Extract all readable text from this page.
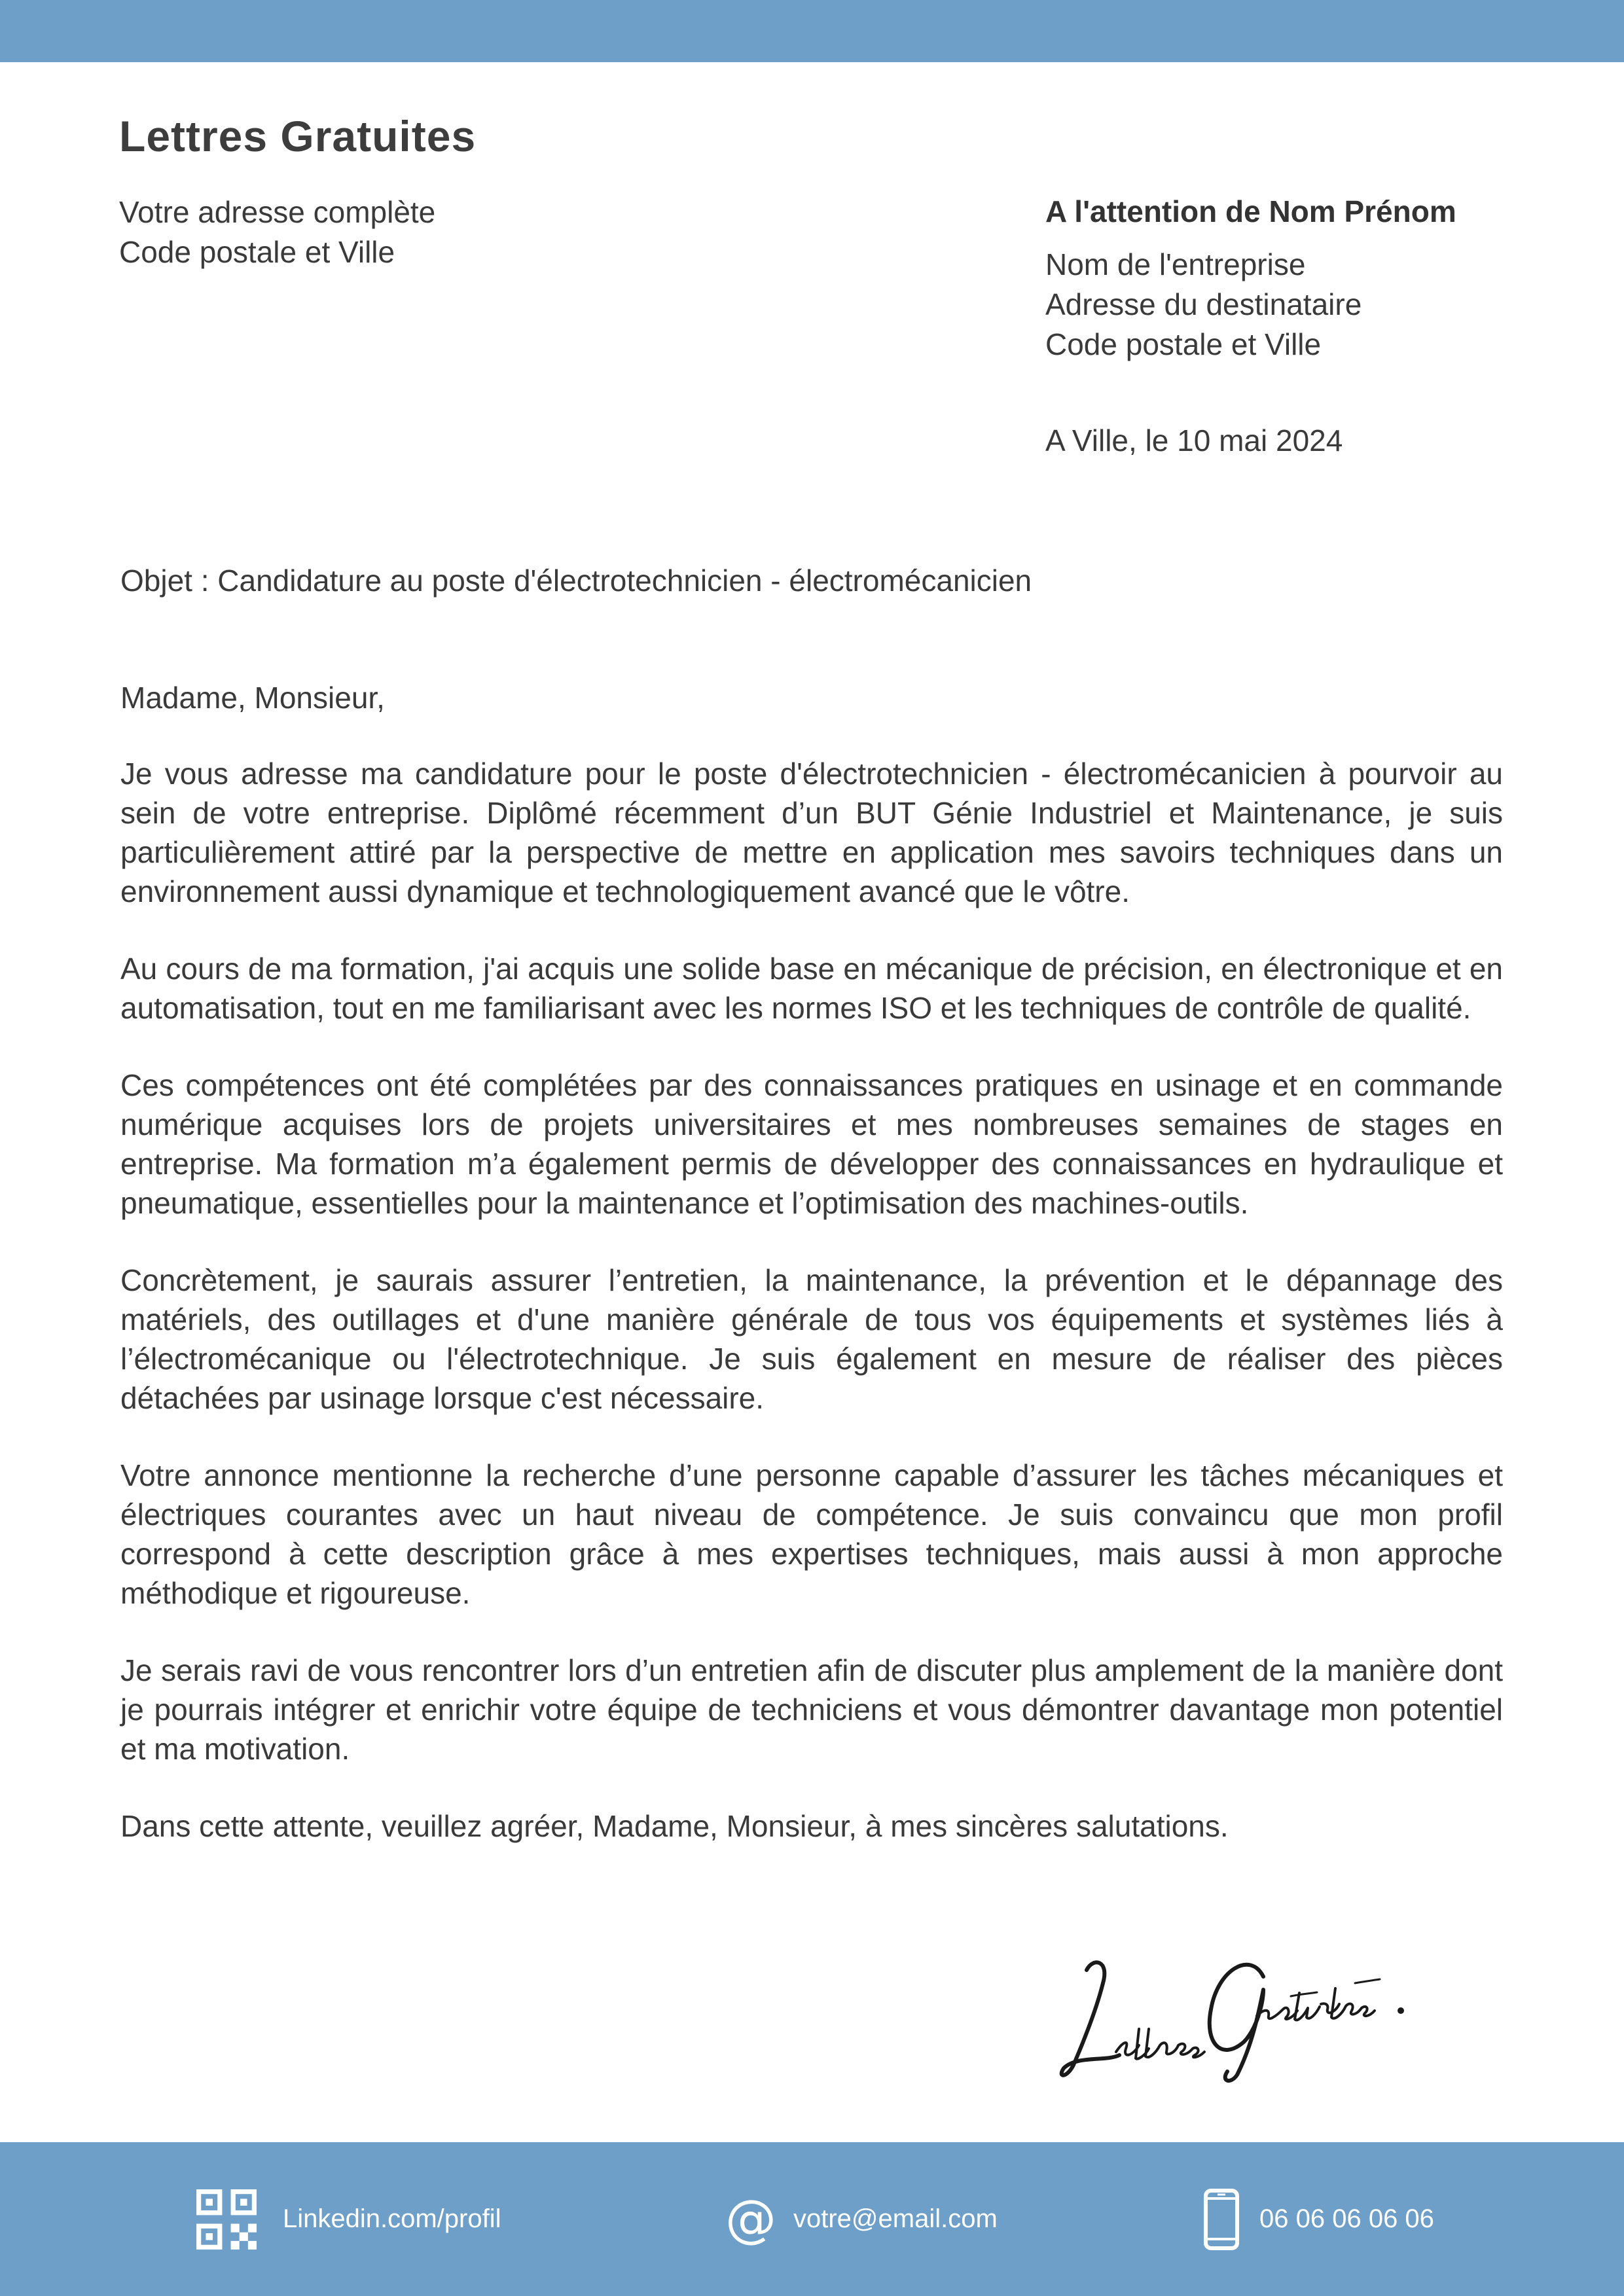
Lettres Gratuites
Votre adresse complète
Code postale et Ville
A l'attention de Nom Prénom
Nom de l'entreprise
Adresse du destinataire
Code postale et Ville
A Ville, le 10 mai 2024
Objet : Candidature au poste d'électrotechnicien - électromécanicien

Madame, Monsieur,

Je vous adresse ma candidature pour le poste d'électrotechnicien - électromécanicien à pourvoir au sein de votre entreprise. Diplômé récemment d’un BUT Génie Industriel et Maintenance, je suis particulièrement attiré par la perspective de mettre en application mes savoirs techniques dans un environnement aussi dynamique et technologiquement avancé que le vôtre.

Au cours de ma formation, j'ai acquis une solide base en mécanique de précision, en électronique et en automatisation, tout en me familiarisant avec les normes ISO et les techniques de contrôle de qualité.

Ces compétences ont été complétées par des connaissances pratiques en usinage et en commande numérique acquises lors de projets universitaires et mes nombreuses semaines de stages en entreprise. Ma formation m’a également permis de développer des connaissances en hydraulique et pneumatique, essentielles pour la maintenance et l’optimisation des machines-outils.

Concrètement, je saurais assurer l’entretien, la maintenance, la prévention et le dépannage des matériels, des outillages et d'une manière générale de tous vos équipements et systèmes liés à l’électromécanique ou l'électrotechnique. Je suis également en mesure de réaliser des pièces détachées par usinage lorsque c'est nécessaire.

Votre annonce mentionne la recherche d’une personne capable d’assurer les tâches mécaniques et électriques courantes avec un haut niveau de compétence. Je suis convaincu que mon profil correspond à cette description grâce à mes expertises techniques, mais aussi à mon approche méthodique et rigoureuse.

Je serais ravi de vous rencontrer lors d’un entretien afin de discuter plus amplement de la manière dont je pourrais intégrer et enrichir votre équipe de techniciens et vous démontrer davantage mon potentiel et ma motivation.

Dans cette attente, veuillez agréer, Madame, Monsieur, à mes sincères salutations.

Linkedin.com/profil	@ votre@email.com	06 06 06 06 06
